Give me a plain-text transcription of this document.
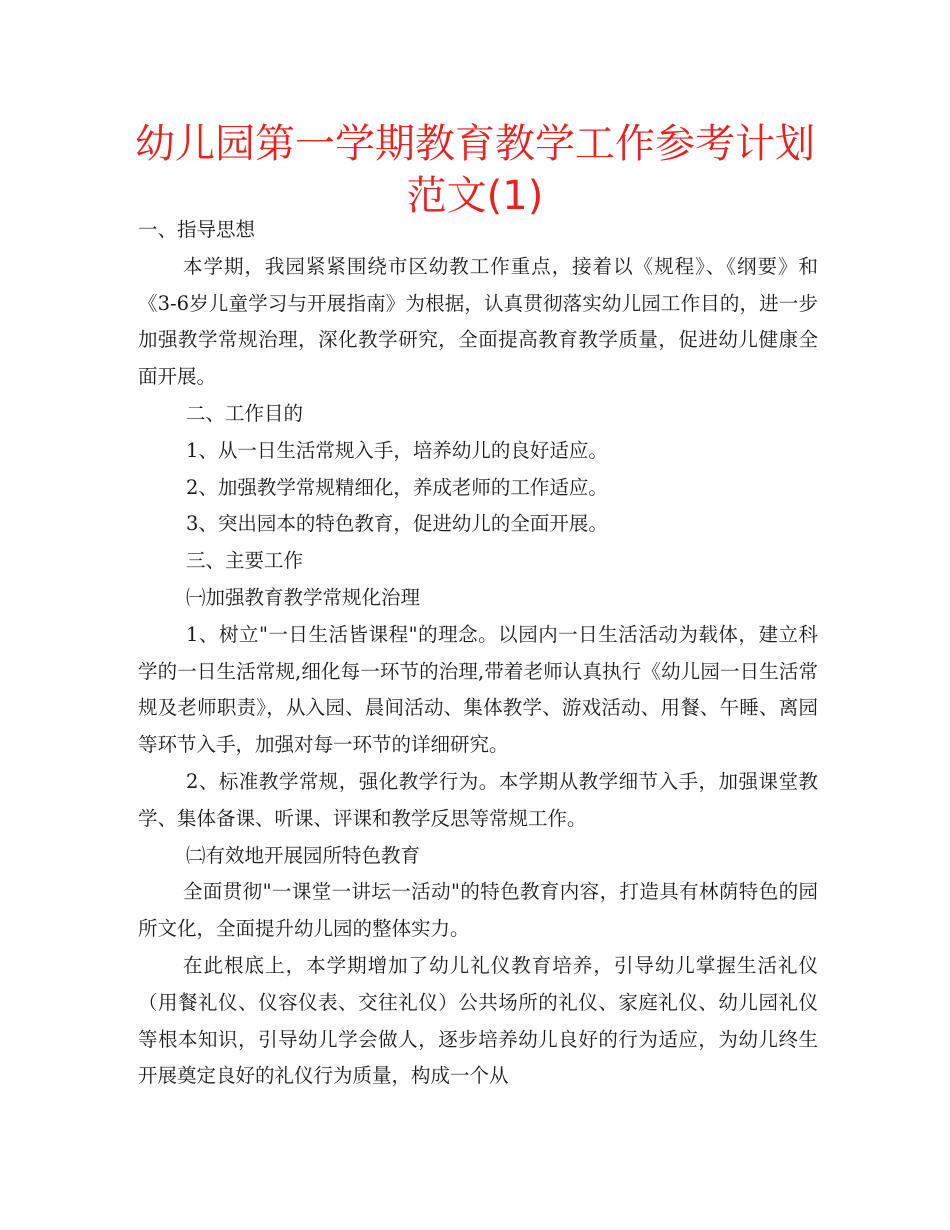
幼儿园第一学期教育教学工作参考计划范文(1)

一、指导思想

本学期，我园紧紧围绕市区幼教工作重点，接着以《规程》、《纲要》和《3-6岁儿童学习与开展指南》为根据，认真贯彻落实幼儿园工作目的，进一步加强教学常规治理，深化教学研究，全面提高教育教学质量，促进幼儿健康全面开展。

二、工作目的

1、从一日生活常规入手，培养幼儿的良好适应。

2、加强教学常规精细化，养成老师的工作适应。

3、突出园本的特色教育，促进幼儿的全面开展。

三、主要工作

㈠加强教育教学常规化治理

1、树立"一日生活皆课程"的理念。以园内一日生活活动为载体，建立科学的一日生活常规,细化每一环节的治理,带着老师认真执行《幼儿园一日生活常规及老师职责》，从入园、晨间活动、集体教学、游戏活动、用餐、午睡、离园等环节入手，加强对每一环节的详细研究。

2、标准教学常规，强化教学行为。本学期从教学细节入手，加强课堂教学、集体备课、听课、评课和教学反思等常规工作。

㈡有效地开展园所特色教育

全面贯彻"一课堂一讲坛一活动"的特色教育内容，打造具有林荫特色的园所文化，全面提升幼儿园的整体实力。

在此根底上，本学期增加了幼儿礼仪教育培养，引导幼儿掌握生活礼仪（用餐礼仪、仪容仪表、交往礼仪）公共场所的礼仪、家庭礼仪、幼儿园礼仪等根本知识，引导幼儿学会做人，逐步培养幼儿良好的行为适应，为幼儿终生开展奠定良好的礼仪行为质量，构成一个从
